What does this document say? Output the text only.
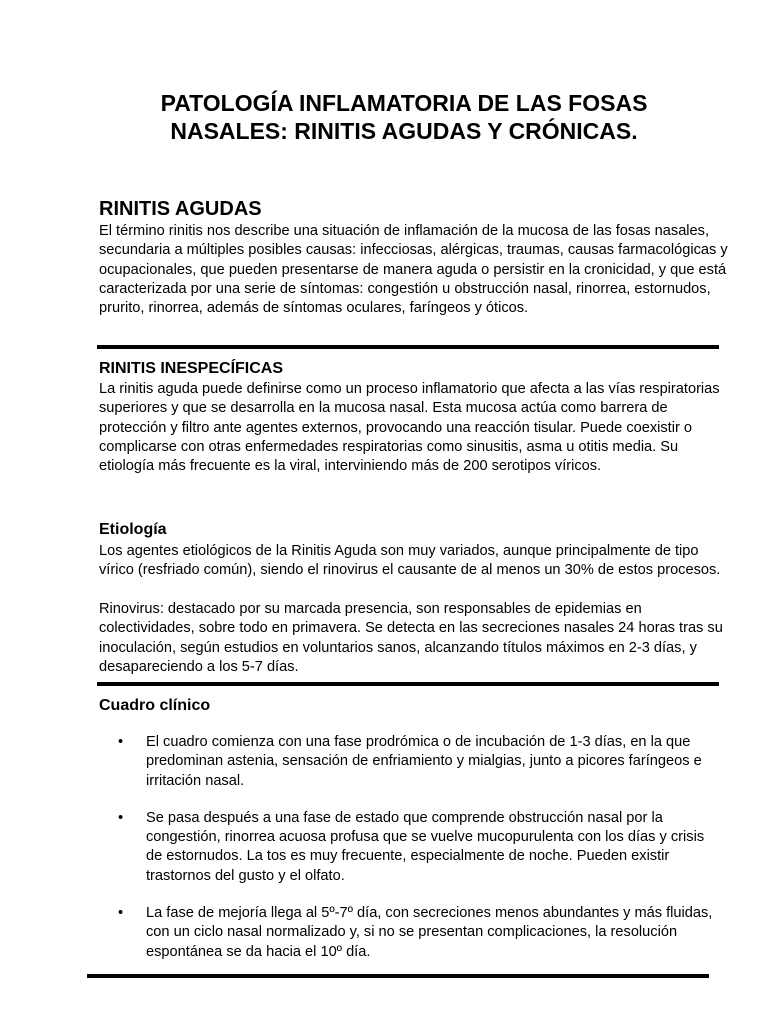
PATOLOGÍA INFLAMATORIA DE LAS FOSAS NASALES: RINITIS AGUDAS Y CRÓNICAS.
RINITIS AGUDAS

El término rinitis nos describe una situación de inflamación de la mucosa de las fosas nasales, secundaria a múltiples posibles causas: infecciosas, alérgicas, traumas, causas farmacológicas y ocupacionales, que pueden presentarse de manera aguda o persistir en la cronicidad, y que está caracterizada por una serie de síntomas: congestión u obstrucción nasal, rinorrea, estornudos, prurito, rinorrea, además de síntomas oculares, faríngeos y óticos.

RINITIS INESPECÍFICAS

La rinitis aguda puede definirse como un proceso inflamatorio que afecta a las vías respiratorias superiores y que se desarrolla en la mucosa nasal. Esta mucosa actúa como barrera de protección y filtro ante agentes externos, provocando una reacción tisular. Puede coexistir o complicarse con otras enfermedades respiratorias como sinusitis, asma u otitis media. Su etiología más frecuente es la viral, interviniendo más de 200 serotipos víricos.

Etiología

Los agentes etiológicos de la Rinitis Aguda son muy variados, aunque principalmente de tipo vírico (resfriado común), siendo el rinovirus el causante de al menos un 30% de estos procesos.

Rinovirus: destacado por su marcada presencia, son responsables de epidemias en colectividades, sobre todo en primavera. Se detecta en las secreciones nasales 24 horas tras su inoculación, según estudios en voluntarios sanos, alcanzando títulos máximos en 2-3 días, y desapareciendo a los 5-7 días.

Cuadro clínico
• El cuadro comienza con una fase prodrómica o de incubación de 1-3 días, en la que predominan astenia, sensación de enfriamiento y mialgias, junto a picores faríngeos e irritación nasal.
• Se pasa después a una fase de estado que comprende obstrucción nasal por la congestión, rinorrea acuosa profusa que se vuelve mucopurulenta con los días y crisis de estornudos. La tos es muy frecuente, especialmente de noche. Pueden existir trastornos del gusto y el olfato.
• La fase de mejoría llega al 5º-7º día, con secreciones menos abundantes y más fluidas, con un ciclo nasal normalizado y, si no se presentan complicaciones, la resolución espontánea se da hacia el 10º día.
